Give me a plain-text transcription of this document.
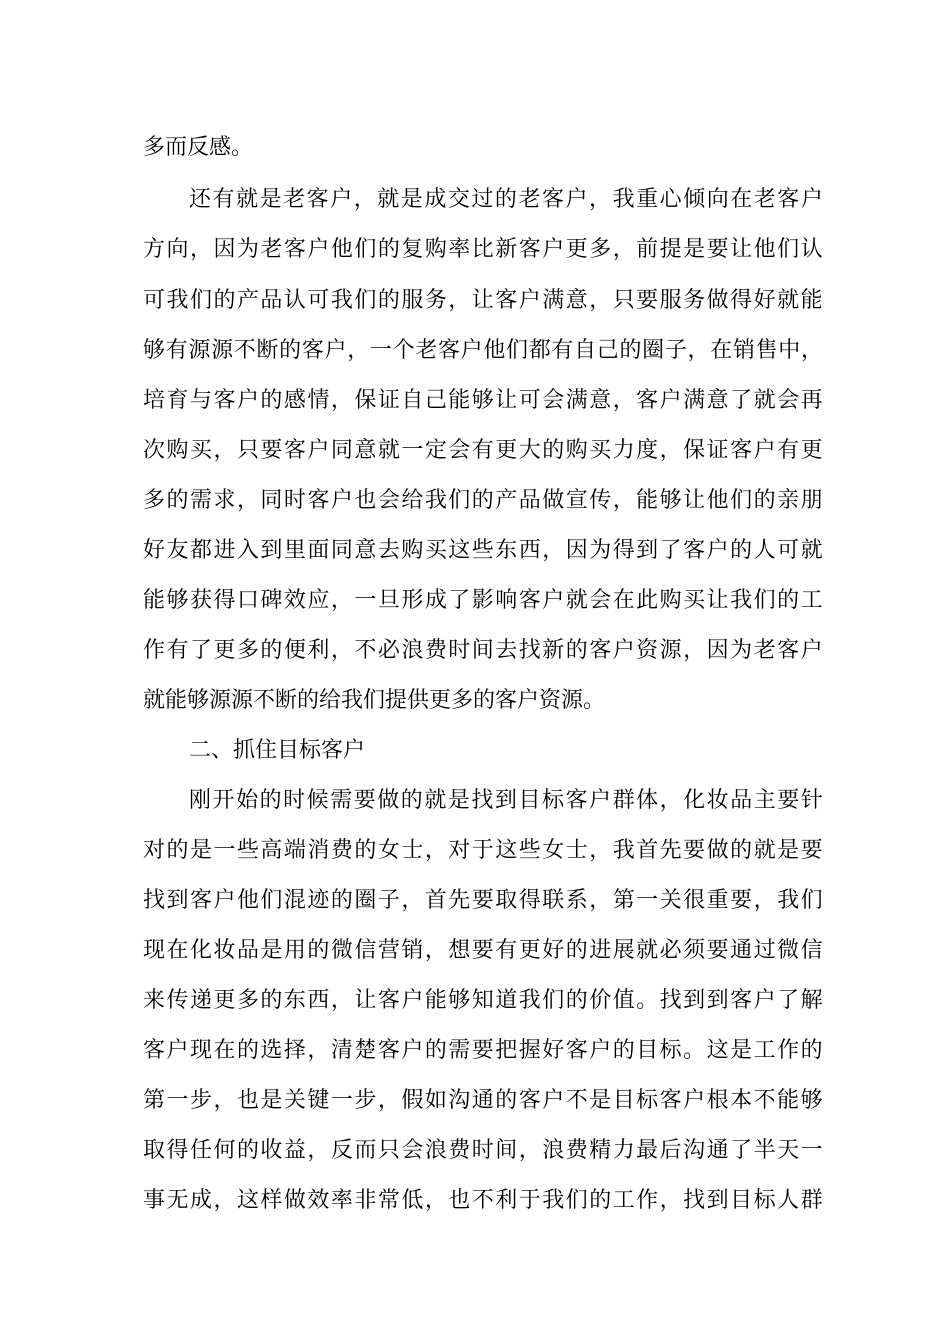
多而反感。
还 有 就 是 老 客 户 ， 就 是 成 交 过 的 老 客 户 ， 我 重 心 倾 向 在 老 客 户
方 向 ， 因 为 老 客 户 他 们 的 复 购 率 比 新 客 户 更 多 ， 前 提 是 要 让 他 们 认
可 我 们 的 产 品 认 可 我 们 的 服 务 ， 让 客 户 满 意 ， 只 要 服 务 做 得 好 就 能
够 有 源 源 不 断 的 客 户 ， 一 个 老 客 户 他 们 都 有 自 己 的 圈 子 ， 在 销 售 中 ，
培 育 与 客 户 的 感 情 ， 保 证 自 己 能 够 让 可 会 满 意 ， 客 户 满 意 了 就 会 再
次 购 买 ， 只 要 客 户 同 意 就 一 定 会 有 更 大 的 购 买 力 度 ， 保 证 客 户 有 更
多 的 需 求 ， 同 时 客 户 也 会 给 我 们 的 产 品 做 宣 传 ， 能 够 让 他 们 的 亲 朋
好 友 都 进 入 到 里 面 同 意 去 购 买 这 些 东 西 ， 因 为 得 到 了 客 户 的 人 可 就
能 够 获 得 口 碑 效 应 ， 一 旦 形 成 了 影 响 客 户 就 会 在 此 购 买 让 我 们 的 工
作 有 了 更 多 的 便 利 ， 不 必 浪 费 时 间 去 找 新 的 客 户 资 源 ， 因 为 老 客 户
就能够源源不断的给我们提供更多的客户资源。
二、抓住目标客户
刚 开 始 的 时 候 需 要 做 的 就 是 找 到 目 标 客 户 群 体 ， 化 妆 品 主 要 针
对 的 是 一 些 高 端 消 费 的 女 士 ， 对 于 这 些 女 士 ， 我 首 先 要 做 的 就 是 要
找 到 客 户 他 们 混 迹 的 圈 子 ， 首 先 要 取 得 联 系 ， 第 一 关 很 重 要 ， 我 们
现 在 化 妆 品 是 用 的 微 信 营 销 ， 想 要 有 更 好 的 进 展 就 必 须 要 通 过 微 信
来 传 递 更 多 的 东 西 ， 让 客 户 能 够 知 道 我 们 的 价 值 。 找 到 到 客 户 了 解
客 户 现 在 的 选 择 ， 清 楚 客 户 的 需 要 把 握 好 客 户 的 目 标 。 这 是 工 作 的
第 一 步 ， 也 是 关 键 一 步 ， 假 如 沟 通 的 客 户 不 是 目 标 客 户 根 本 不 能 够
取 得 任 何 的 收 益 ， 反 而 只 会 浪 费 时 间 ， 浪 费 精 力 最 后 沟 通 了 半 天 一
事 无 成 ， 这 样 做 效 率 非 常 低 ， 也 不 利 于 我 们 的 工 作 ， 找 到 目 标 人 群
